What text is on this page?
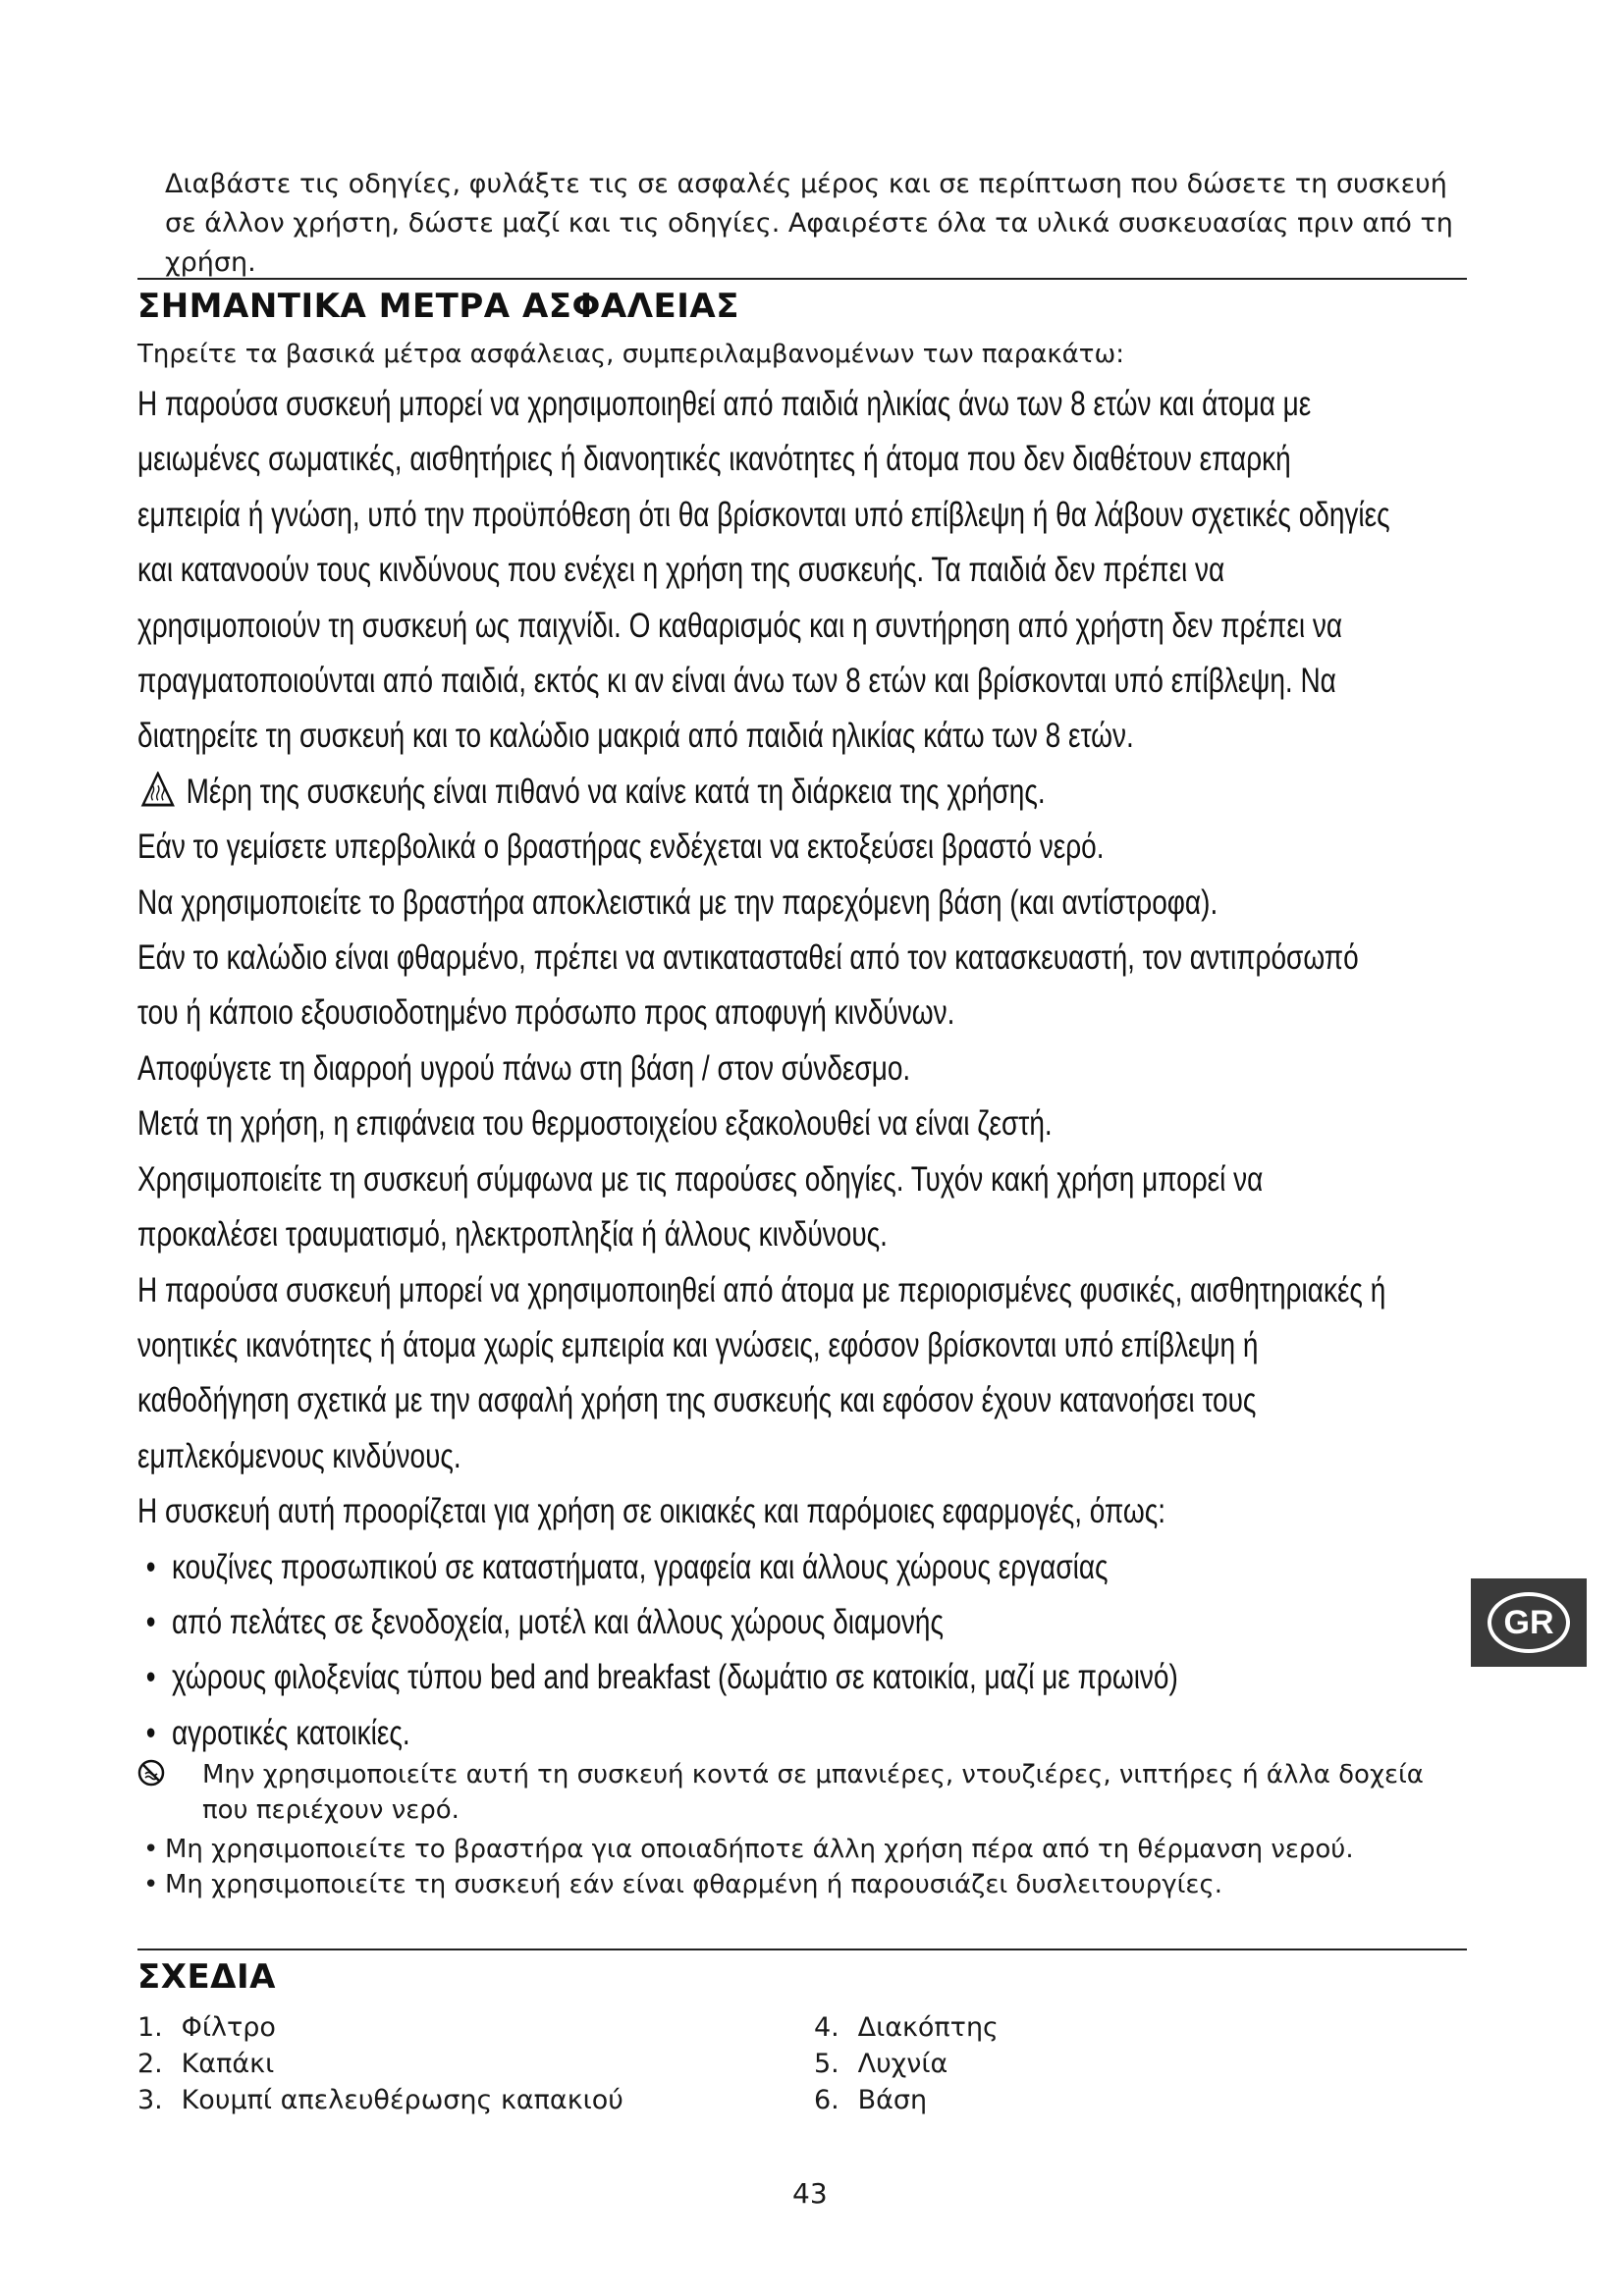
Διαβάστε τις οδηγίες, φυλάξτε τις σε ασφαλές μέρος και σε περίπτωση που δώσετε τη συσκευή σε άλλον χρήστη, δώστε μαζί και τις οδηγίες. Αφαιρέστε όλα τα υλικά συσκευασίας πριν από τη χρήση.
ΣΗΜΑΝΤΙΚΑ ΜΕΤΡΑ ΑΣΦΑΛΕΙΑΣ
Τηρείτε τα βασικά μέτρα ασφάλειας, συμπεριλαμβανομένων των παρακάτω:

Η παρούσα συσκευή μπορεί να χρησιμοποιηθεί από παιδιά ηλικίας άνω των 8 ετών και άτομα με

μειωμένες σωματικές, αισθητήριες ή διανοητικές ικανότητες ή άτομα που δεν διαθέτουν επαρκή

εμπειρία ή γνώση, υπό την προϋπόθεση ότι θα βρίσκονται υπό επίβλεψη ή θα λάβουν σχετικές οδηγίες

και κατανοούν τους κινδύνους που ενέχει η χρήση της συσκευής. Τα παιδιά δεν πρέπει να

χρησιμοποιούν τη συσκευή ως παιχνίδι. Ο καθαρισμός και η συντήρηση από χρήστη δεν πρέπει να

πραγματοποιούνται από παιδιά, εκτός κι αν είναι άνω των 8 ετών και βρίσκονται υπό επίβλεψη. Να

διατηρείτε τη συσκευή και το καλώδιο μακριά από παιδιά ηλικίας κάτω των 8 ετών.

Μέρη της συσκευής είναι πιθανό να καίνε κατά τη διάρκεια της χρήσης.

Εάν το γεμίσετε υπερβολικά ο βραστήρας ενδέχεται να εκτοξεύσει βραστό νερό.

Να χρησιμοποιείτε το βραστήρα αποκλειστικά με την παρεχόμενη βάση (και αντίστροφα).

Εάν το καλώδιο είναι φθαρμένο, πρέπει να αντικατασταθεί από τον κατασκευαστή, τον αντιπρόσωπό

του ή κάποιο εξουσιοδοτημένο πρόσωπο προς αποφυγή κινδύνων.

Αποφύγετε τη διαρροή υγρού πάνω στη βάση / στον σύνδεσμο.

Μετά τη χρήση, η επιφάνεια του θερμοστοιχείου εξακολουθεί να είναι ζεστή.

Χρησιμοποιείτε τη συσκευή σύμφωνα με τις παρούσες οδηγίες. Τυχόν κακή χρήση μπορεί να

προκαλέσει τραυματισμό, ηλεκτροπληξία ή άλλους κινδύνους.

Η παρούσα συσκευή μπορεί να χρησιμοποιηθεί από άτομα με περιορισμένες φυσικές, αισθητηριακές ή

νοητικές ικανότητες ή άτομα χωρίς εμπειρία και γνώσεις, εφόσον βρίσκονται υπό επίβλεψη ή

καθοδήγηση σχετικά με την ασφαλή χρήση της συσκευής και εφόσον έχουν κατανοήσει τους

εμπλεκόμενους κινδύνους.

Η συσκευή αυτή προορίζεται για χρήση σε οικιακές και παρόμοιες εφαρμογές, όπως:

• κουζίνες προσωπικού σε καταστήματα, γραφεία και άλλους χώρους εργασίας

• από πελάτες σε ξενοδοχεία, μοτέλ και άλλους χώρους διαμονής

• χώρους φιλοξενίας τύπου bed and breakfast (δωμάτιο σε κατοικία, μαζί με πρωινό)

• αγροτικές κατοικίες.

Μην χρησιμοποιείτε αυτή τη συσκευή κοντά σε μπανιέρες, ντουζιέρες, νιπτήρες ή άλλα δοχεία που περιέχουν νερό.
• Μη χρησιμοποιείτε το βραστήρα για οποιαδήποτε άλλη χρήση πέρα από τη θέρμανση νερού.
• Μη χρησιμοποιείτε τη συσκευή εάν είναι φθαρμένη ή παρουσιάζει δυσλειτουργίες.
ΣΧΕΔΙΑ
1. Φίλτρο
2. Καπάκι
3. Κουμπί απελευθέρωσης καπακιού
4. Διακόπτης
5. Λυχνία
6. Βάση
43
GR
